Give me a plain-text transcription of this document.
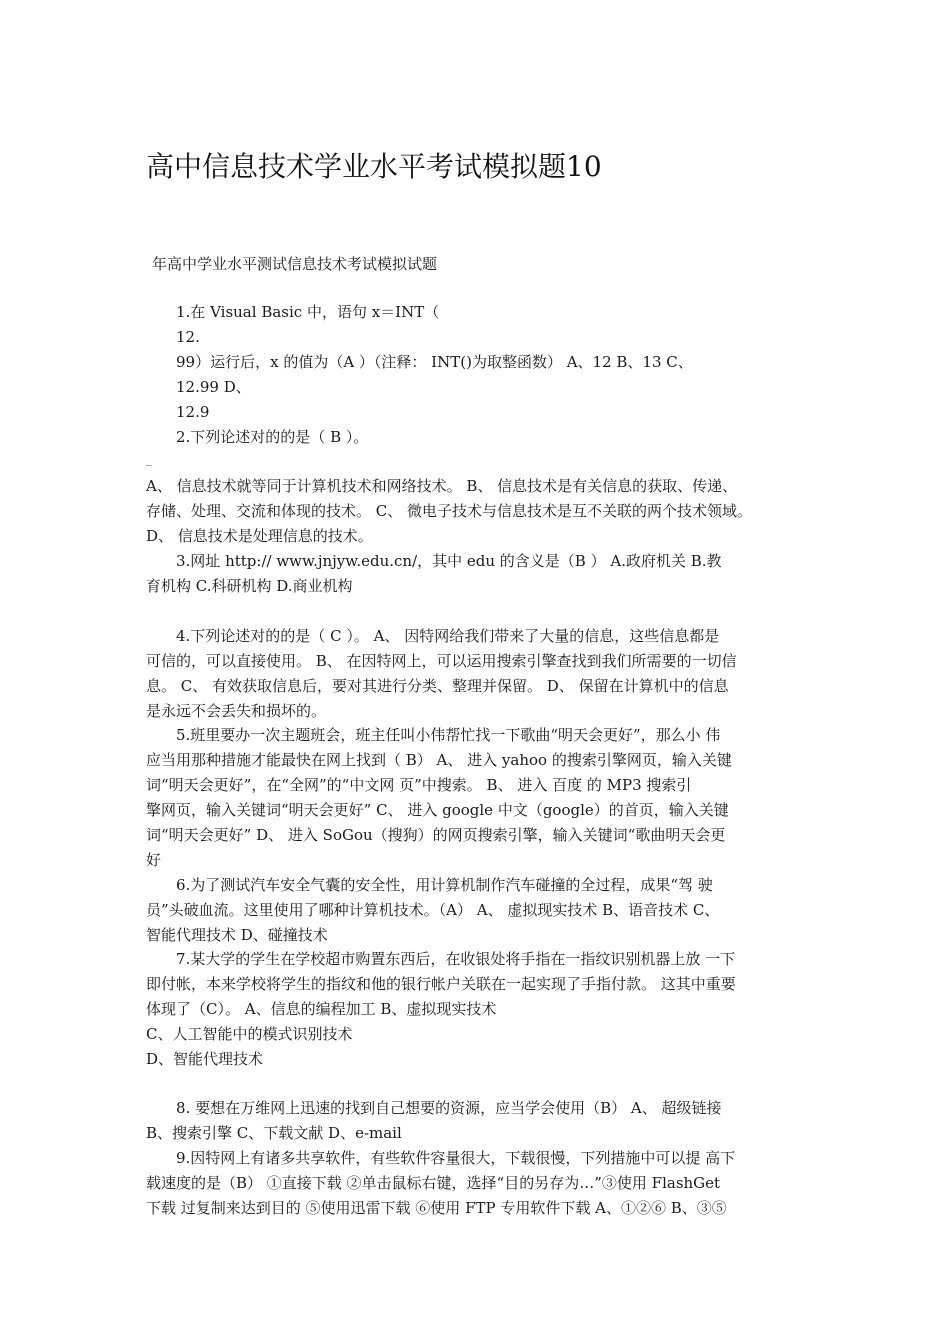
高中信息技术学业水平考试模拟题10
年高中学业水平测试信息技术考试模拟试题
1.在 Visual Basic 中，语句 x＝INT（
12.
99）运行后，x 的值为（A ）（注释： INT()为取整函数） A、12 B、13 C、
12.99 D、
12.9
2.下列论述对的的是（ B ）。
_
A、 信息技术就等同于计算机技术和网络技术。 B、 信息技术是有关信息的获取、传递、
存储、处理、交流和体现的技术。 C、 微电子技术与信息技术是互不关联的两个技术领域。
D、 信息技术是处理信息的技术。
3.网址 http:// www.jnjyw.edu.cn/，其中 edu 的含义是（B ） A.政府机关 B.教
育机构 C.科研机构 D.商业机构
4.下列论述对的的是（ C ）。 A、 因特网给我们带来了大量的信息，这些信息都是
可信的，可以直接使用。 B、 在因特网上，可以运用搜索引擎查找到我们所需要的一切信
息。 C、 有效获取信息后，要对其进行分类、整理并保留。 D、 保留在计算机中的信息
是永远不会丢失和损坏的。
5.班里要办一次主题班会，班主任叫小伟帮忙找一下歌曲“明天会更好”，那么小 伟
应当用那种措施才能最快在网上找到（ B） A、 进入 yahoo 的搜索引擎网页，输入关键
词“明天会更好”，在“全网”的“中文网 页”中搜索。 B、 进入 百度 的 MP3 搜索引
擎网页，输入关键词“明天会更好” C、 进入 google 中文（google）的首页，输入关键
词“明天会更好” D、 进入 SoGou（搜狗）的网页搜索引擎，输入关键词“歌曲明天会更
好
6.为了测试汽车安全气囊的安全性，用计算机制作汽车碰撞的全过程，成果“驾 驶
员”头破血流。这里使用了哪种计算机技术。（A） A、 虚拟现实技术 B、语音技术 C、
智能代理技术 D、碰撞技术
7.某大学的学生在学校超市购置东西后，在收银处将手指在一指纹识别机器上放 一下
即付帐，本来学校将学生的指纹和他的银行帐户关联在一起实现了手指付款。 这其中重要
体现了（C）。 A、信息的编程加工 B、虚拟现实技术
C、人工智能中的模式识别技术
D、智能代理技术
8. 要想在万维网上迅速的找到自己想要的资源，应当学会使用（B） A、 超级链接
B、搜索引擎 C、下载文献 D、e-mail
9.因特网上有诸多共享软件，有些软件容量很大，下载很慢，下列措施中可以提 高下
载速度的是（B） ①直接下载 ②单击鼠标右键，选择“目的另存为…”③使用 FlashGet
下载 过复制来达到目的 ⑤使用迅雷下载 ⑥使用 FTP 专用软件下载 A、①②⑥ B、③⑤
